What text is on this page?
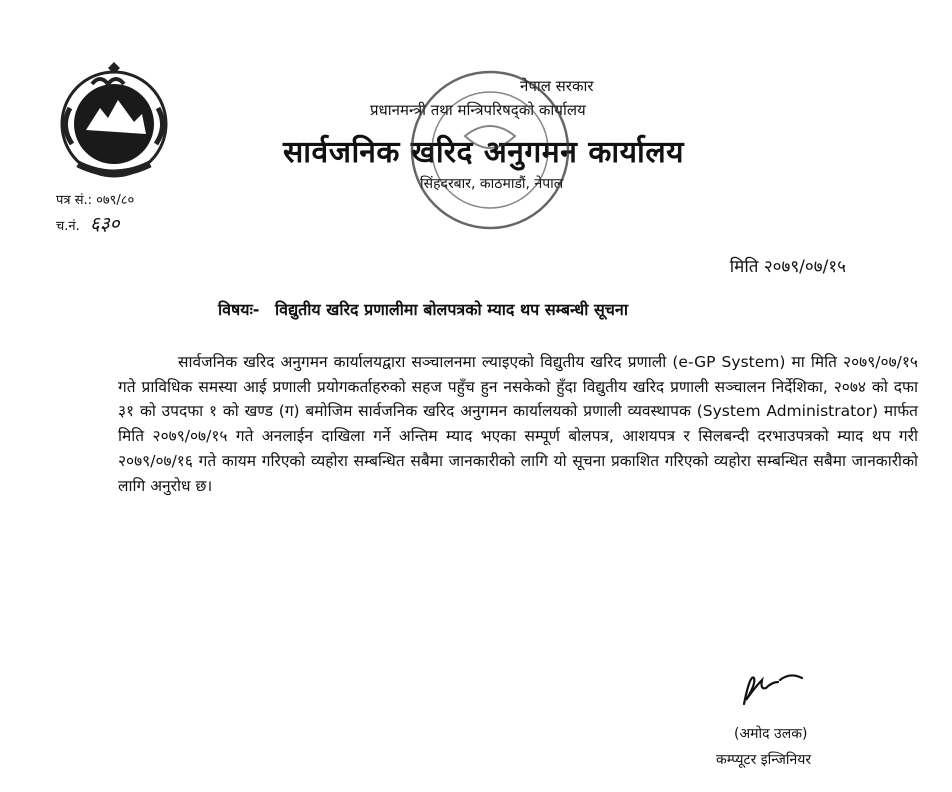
नेपाल सरकार
प्रधानमन्त्री तथा मन्त्रिपरिषद्को कार्यालय
सार्वजनिक खरिद अनुगमन कार्यालय
सिंहदरबार, काठमाडौं, नेपाल
पत्र सं.: ०७९/८०
च.नं. ६३०
मिति २०७९/०७/१५
विषयः- विद्युतीय खरिद प्रणालीमा बोलपत्रको म्याद थप सम्बन्धी सूचना
सार्वजनिक खरिद अनुगमन कार्यालयद्वारा सञ्चालनमा ल्याइएको विद्युतीय खरिद प्रणाली (e-GP System) मा मिति २०७९/०७/१५ गते प्राविधिक समस्या आई प्रणाली प्रयोगकर्ताहरुको सहज पहुँच हुन नसकेको हुँदा विद्युतीय खरिद प्रणाली सञ्चालन निर्देशिका, २०७४ को दफा ३१ को उपदफा १ को खण्ड (ग) बमोजिम सार्वजनिक खरिद अनुगमन कार्यालयको प्रणाली व्यवस्थापक (System Administrator) मार्फत मिति २०७९/०७/१५ गते अनलाईन दाखिला गर्ने अन्तिम म्याद भएका सम्पूर्ण बोलपत्र, आशयपत्र र सिलबन्दी दरभाउपत्रको म्याद थप गरी २०७९/०७/१६ गते कायम गरिएको व्यहोरा सम्बन्धित सबैमा जानकारीको लागि यो सूचना प्रकाशित गरिएको व्यहोरा सम्बन्धित सबैमा जानकारीको लागि अनुरोध छ।
(अमोद उलक)
कम्प्यूटर इन्जिनियर
